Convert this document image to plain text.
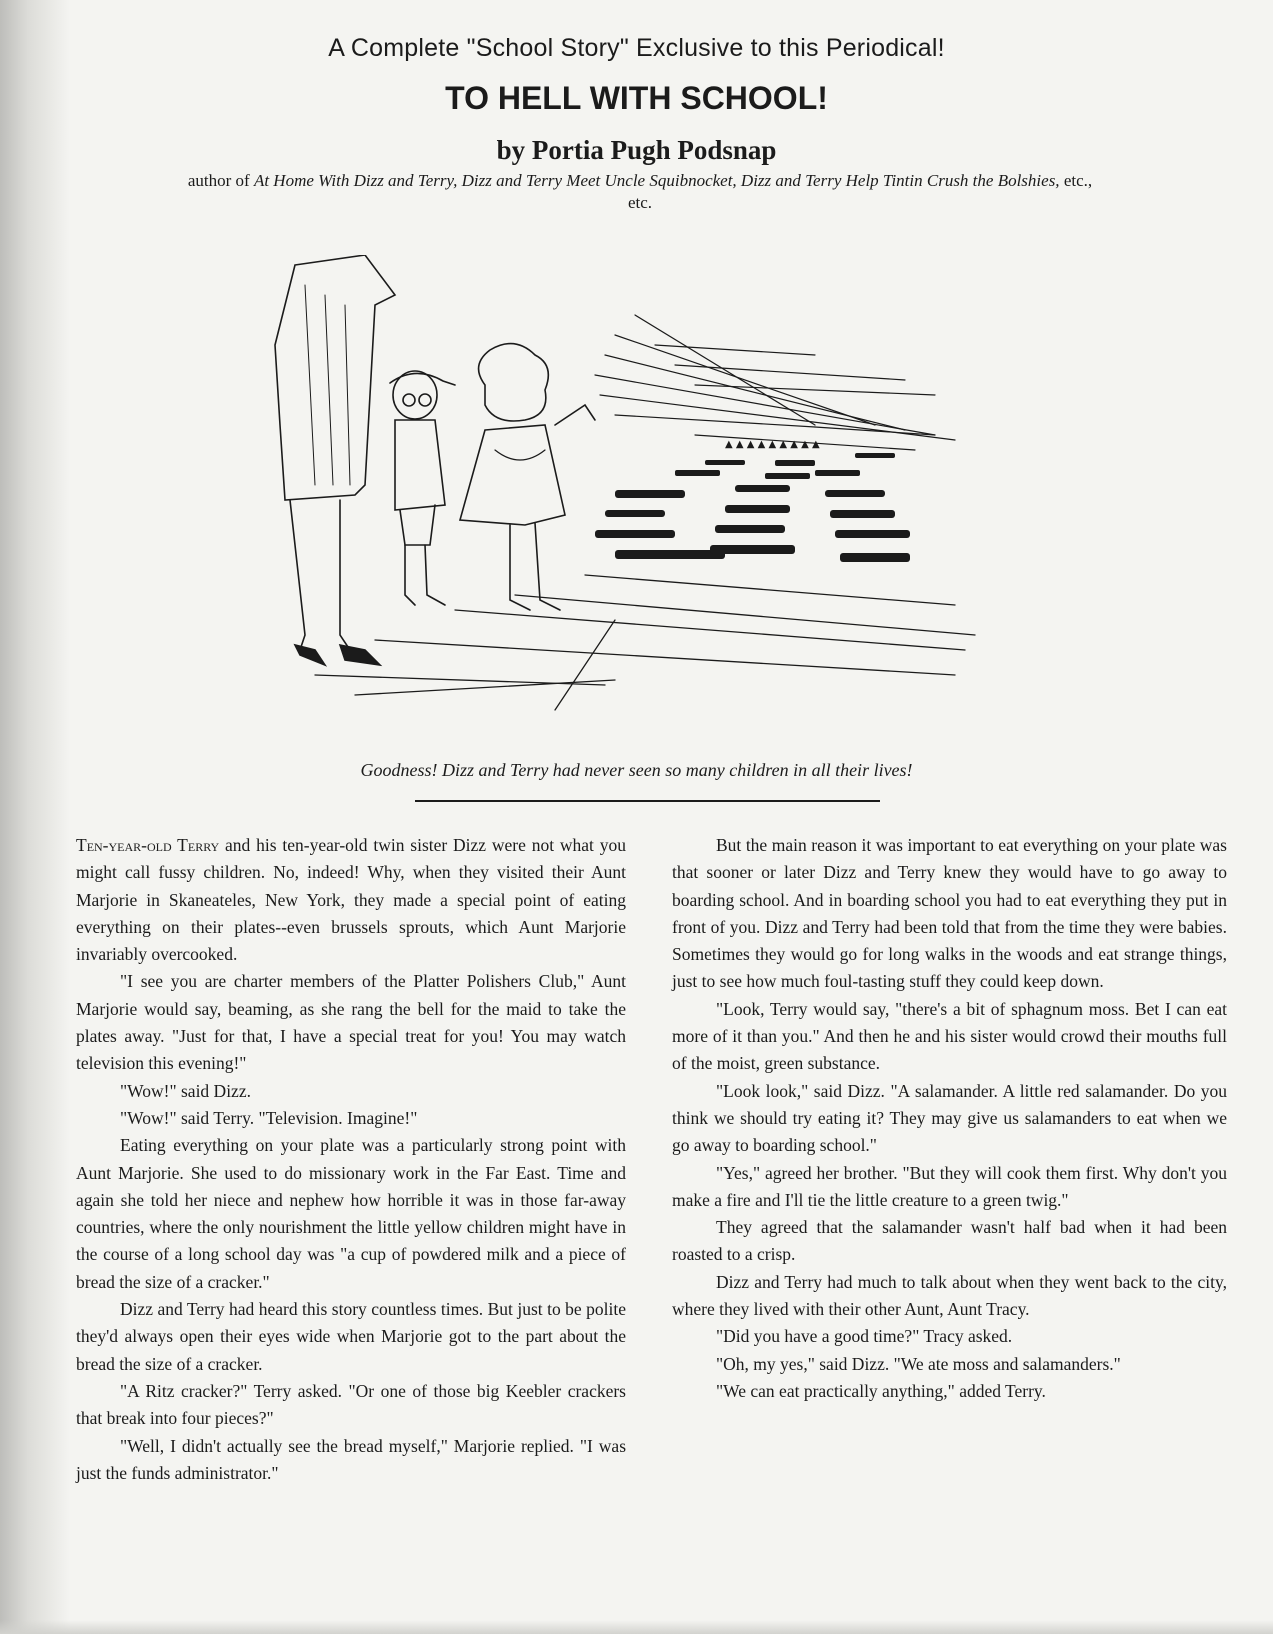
A Complete "School Story" Exclusive to this Periodical!
TO HELL WITH SCHOOL!
by Portia Pugh Podsnap
author of At Home With Dizz and Terry, Dizz and Terry Meet Uncle Squibnocket, Dizz and Terry Help Tintin Crush the Bolshies, etc.,
etc.
▲ ▲ ▲ ▲ ▲ ▲ ▲ ▲ ▲
Goodness! Dizz and Terry had never seen so many children in all their lives!

Ten-year-old Terry and his ten-year-old twin sister Dizz were not what you might call fussy children. No, indeed! Why, when they visited their Aunt Marjorie in Skaneateles, New York, they made a special point of eating everything on their plates--even brussels sprouts, which Aunt Marjorie invariably overcooked.

"I see you are charter members of the Platter Polishers Club," Aunt Marjorie would say, beaming, as she rang the bell for the maid to take the plates away. "Just for that, I have a special treat for you! You may watch television this evening!"

"Wow!" said Dizz.

"Wow!" said Terry. "Television. Imagine!"

Eating everything on your plate was a particularly strong point with Aunt Marjorie. She used to do missionary work in the Far East. Time and again she told her niece and nephew how horrible it was in those far-away countries, where the only nourishment the little yellow children might have in the course of a long school day was "a cup of powdered milk and a piece of bread the size of a cracker."

Dizz and Terry had heard this story countless times. But just to be polite they'd always open their eyes wide when Marjorie got to the part about the bread the size of a cracker.

"A Ritz cracker?" Terry asked. "Or one of those big Keebler crackers that break into four pieces?"

"Well, I didn't actually see the bread myself," Marjorie replied. "I was just the funds administrator."

But the main reason it was important to eat everything on your plate was that sooner or later Dizz and Terry knew they would have to go away to boarding school. And in boarding school you had to eat everything they put in front of you. Dizz and Terry had been told that from the time they were babies. Sometimes they would go for long walks in the woods and eat strange things, just to see how much foul-tasting stuff they could keep down.

"Look, Terry would say, "there's a bit of sphagnum moss. Bet I can eat more of it than you." And then he and his sister would crowd their mouths full of the moist, green substance.

"Look look," said Dizz. "A salamander. A little red salamander. Do you think we should try eating it? They may give us salamanders to eat when we go away to boarding school."

"Yes," agreed her brother. "But they will cook them first. Why don't you make a fire and I'll tie the little creature to a green twig."

They agreed that the salamander wasn't half bad when it had been roasted to a crisp.

Dizz and Terry had much to talk about when they went back to the city, where they lived with their other Aunt, Aunt Tracy.

"Did you have a good time?" Tracy asked.

"Oh, my yes," said Dizz. "We ate moss and salamanders."

"We can eat practically anything," added Terry.
